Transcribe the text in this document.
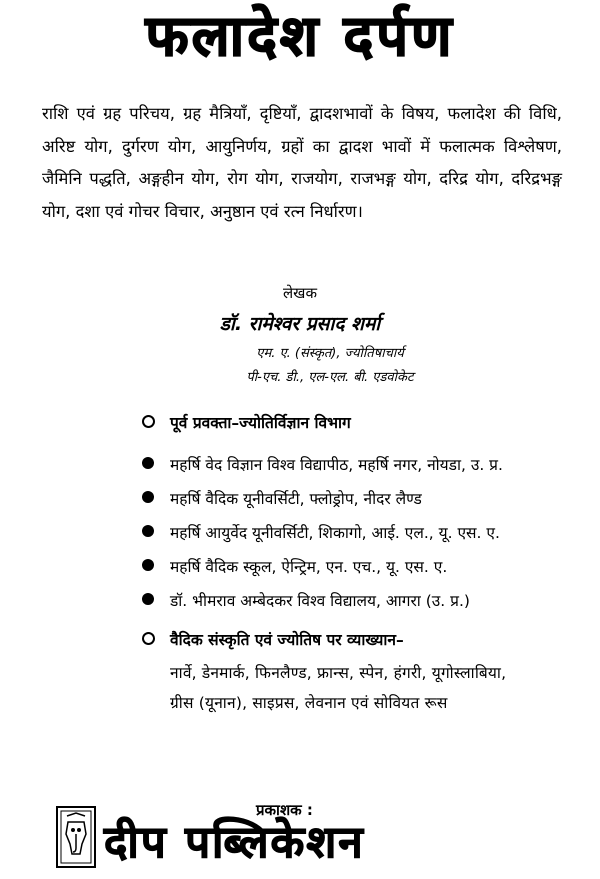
फलादेश दर्पण
राशि एवं ग्रह परिचय, ग्रह मैत्रियाँ, दृष्टियाँ, द्वादशभावों के विषय, फलादेश की विधि, अरिष्ट योग, दुर्गरण योग, आयुनिर्णय, ग्रहों का द्वादश भावों में फलात्मक विश्लेषण, जैमिनि पद्धति, अङ्गहीन योग, रोग योग, राजयोग, राजभङ्ग योग, दरिद्र योग, दरिद्रभङ्ग योग, दशा एवं गोचर विचार, अनुष्ठान एवं रत्न निर्धारण।
लेखक
डॉ. रामेश्वर प्रसाद शर्मा
एम. ए. (संस्कृत), ज्योतिषाचार्य
पी-एच. डी., एल-एल. बी. एडवोकेट
पूर्व प्रवक्ता–ज्योतिर्विज्ञान विभाग
महर्षि वेद विज्ञान विश्व विद्यापीठ, महर्षि नगर, नोयडा, उ. प्र.
महर्षि वैदिक यूनीवर्सिटी, फ्लोड्रोप, नीदर लैण्ड
महर्षि आयुर्वेद यूनीवर्सिटी, शिकागो, आई. एल., यू. एस. ए.
महर्षि वैदिक स्कूल, ऐन्ट्रिम, एन. एच., यू. एस. ए.
डॉ. भीमराव अम्बेदकर विश्व विद्यालय, आगरा (उ. प्र.)
वैदिक संस्कृति एवं ज्योतिष पर व्याख्यान–
नार्वे, डेनमार्क, फिनलैण्ड, फ्रान्स, स्पेन, हंगरी, यूगोस्लाबिया,
ग्रीस (यूनान), साइप्रस, लेवनान एवं सोवियत रूस
प्रकाशक :
दीप पब्लिकेशन
